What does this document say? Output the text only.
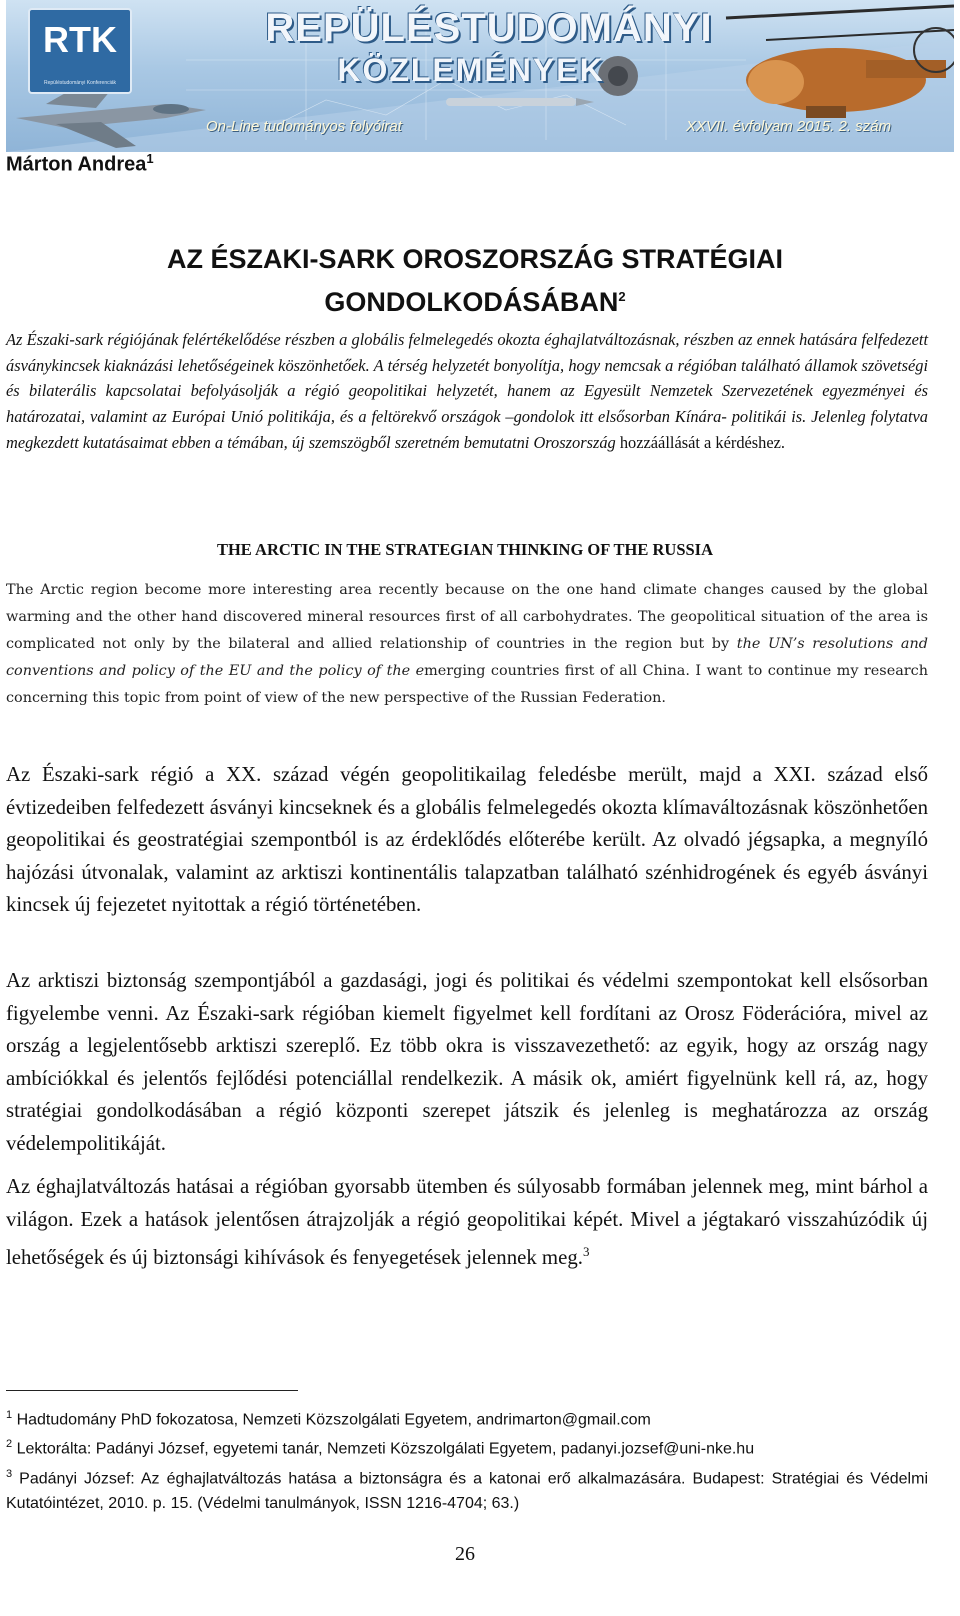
RTK
Repüléstudományi Konferenciák
REPÜLÉSTUDOMÁNYI
KÖZLEMÉNYEK
On-Line tudományos folyóirat	XXVII. évfolyam 2015. 2. szám
Márton Andrea$^1$
AZ ÉSZAKI-SARK OROSZORSZÁG STRATÉGIAI
GONDOLKODÁSÁBAN$^2$

Az Északi-sark régiójának felértékelődése részben a globális felmelegedés okozta éghajlatváltozásnak, részben az ennek hatására felfedezett ásványkincsek kiaknázási lehetőségeinek köszönhetőek. A térség helyzetét bonyolítja, hogy nemcsak a régióban található államok szövetségi és bilaterális kapcsolatai befolyásolják a régió geopolitikai helyzetét, hanem az Egyesült Nemzetek Szervezetének egyezményei és határozatai, valamint az Európai Unió politikája, és a feltörekvő országok –gondolok itt elsősorban Kínára- politikái is. Jelenleg folytatva megkezdett kutatásaimat ebben a témában, új szemszögből szeretném bemutatni Oroszország hozzáállását a kérdéshez.

THE ARCTIC IN THE STRATEGIAN THINKING OF THE RUSSIA

The Arctic region become more interesting area recently because on the one hand climate changes caused by the global warming and the other hand discovered mineral resources first of all carbohydrates. The geopolitical situation of the area is complicated not only by the bilateral and allied relationship of countries in the region but by the UN’s resolutions and conventions and policy of the EU and the policy of the emerging countries first of all China. I want to continue my research concerning this topic from point of view of the new perspective of the Russian Federation.

Az Északi-sark régió a XX. század végén geopolitikailag feledésbe merült, majd a XXI. század első évtizedeiben felfedezett ásványi kincseknek és a globális felmelegedés okozta klímaváltozásnak köszönhetően geopolitikai és geostratégiai szempontból is az érdeklődés előterébe került. Az olvadó jégsapka, a megnyíló hajózási útvonalak, valamint az arktiszi kontinentális talapzatban található szénhidrogének és egyéb ásványi kincsek új fejezetet nyitottak a régió történetében.

Az arktiszi biztonság szempontjából a gazdasági, jogi és politikai és védelmi szempontokat kell elsősorban figyelembe venni. Az Északi-sark régióban kiemelt figyelmet kell fordítani az Orosz Föderációra, mivel az ország a legjelentősebb arktiszi szereplő. Ez több okra is visszavezethető: az egyik, hogy az ország nagy ambíciókkal és jelentős fejlődési potenciállal rendelkezik. A másik ok, amiért figyelnünk kell rá, az, hogy stratégiai gondolkodásában a régió központi szerepet játszik és jelenleg is meghatározza az ország védelempolitikáját.

Az éghajlatváltozás hatásai a régióban gyorsabb ütemben és súlyosabb formában jelennek meg, mint bárhol a világon. Ezek a hatások jelentősen átrajzolják a régió geopolitikai képét. Mivel a jégtakaró visszahúzódik új lehetőségek és új biztonsági kihívások és fenyegetések jelennek meg.$^3$

$^1$ Hadtudomány PhD fokozatosa, Nemzeti Közszolgálati Egyetem, andrimarton@gmail.com
$^2$ Lektorálta: Padányi József, egyetemi tanár, Nemzeti Közszolgálati Egyetem, padanyi.jozsef@uni-nke.hu
$^3$ Padányi József: Az éghajlatváltozás hatása a biztonságra és a katonai erő alkalmazására. Budapest: Stratégiai és Védelmi Kutatóintézet, 2010. p. 15. (Védelmi tanulmányok, ISSN 1216-4704; 63.)
26
